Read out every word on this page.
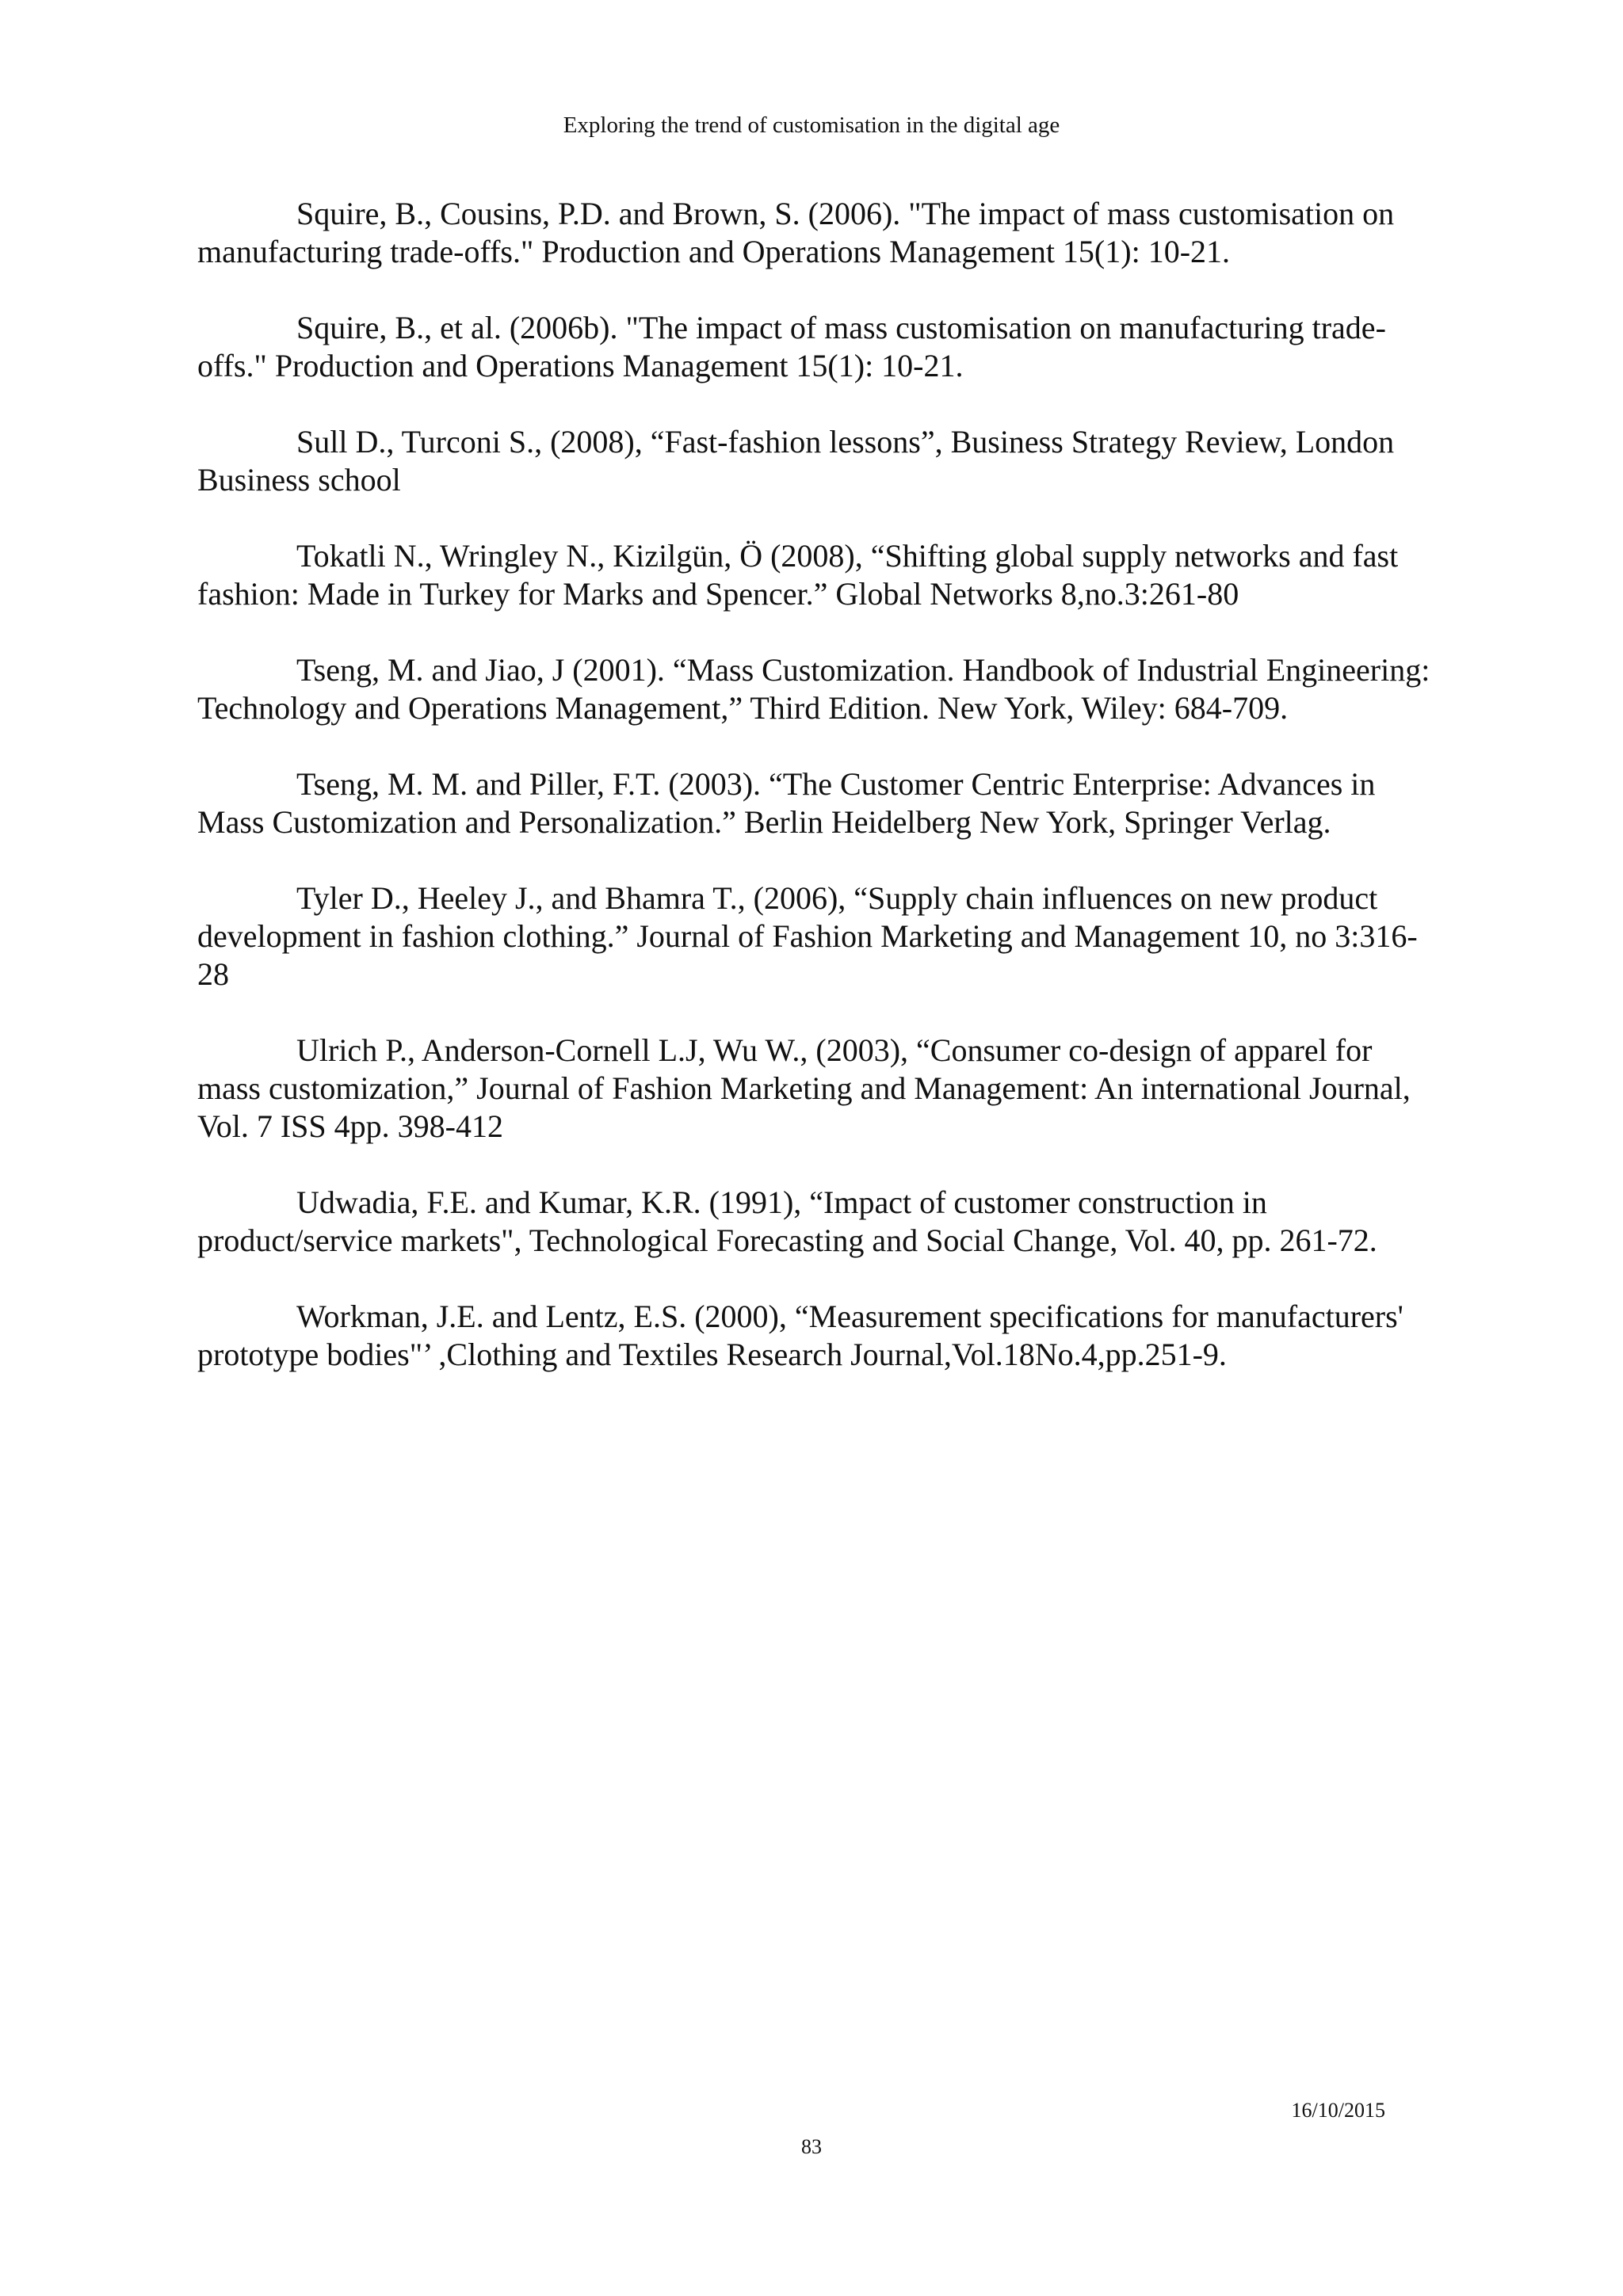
Exploring the trend of customisation in the digital age

Squire, B., Cousins, P.D. and Brown, S. (2006). "The impact of mass customisation on manufacturing trade-offs." Production and Operations Management 15(1): 10-21.

Squire, B., et al. (2006b). "The impact of mass customisation on manufacturing trade-offs." Production and Operations Management 15(1): 10-21.

Sull D., Turconi S., (2008), “Fast-fashion lessons”, Business Strategy Review, London Business school

Tokatli N., Wringley N., Kizilgün, Ö (2008), “Shifting global supply networks and fast fashion: Made in Turkey for Marks and Spencer.” Global Networks 8,no.3:261-80

Tseng, M. and Jiao, J (2001). “Mass Customization. Handbook of Industrial Engineering: Technology and Operations Management,” Third Edition. New York, Wiley: 684-709.

Tseng, M. M. and Piller, F.T. (2003). “The Customer Centric Enterprise: Advances in Mass Customization and Personalization.” Berlin Heidelberg New York, Springer Verlag.

Tyler D., Heeley J., and Bhamra T., (2006), “Supply chain influences on new product development in fashion clothing.” Journal of Fashion Marketing and Management 10, no 3:316-28

Ulrich P., Anderson-Cornell L.J, Wu W., (2003), “Consumer co-design of apparel for mass customization,” Journal of Fashion Marketing and Management: An international Journal, Vol. 7 ISS 4pp. 398-412

Udwadia, F.E. and Kumar, K.R. (1991), “Impact of customer construction in product/service markets", Technological Forecasting and Social Change, Vol. 40, pp. 261-72.

Workman, J.E. and Lentz, E.S. (2000), “Measurement specifications for manufacturers' prototype bodies"’ ,Clothing and Textiles Research Journal,Vol.18No.4,pp.251-9.

16/10/2015
83
